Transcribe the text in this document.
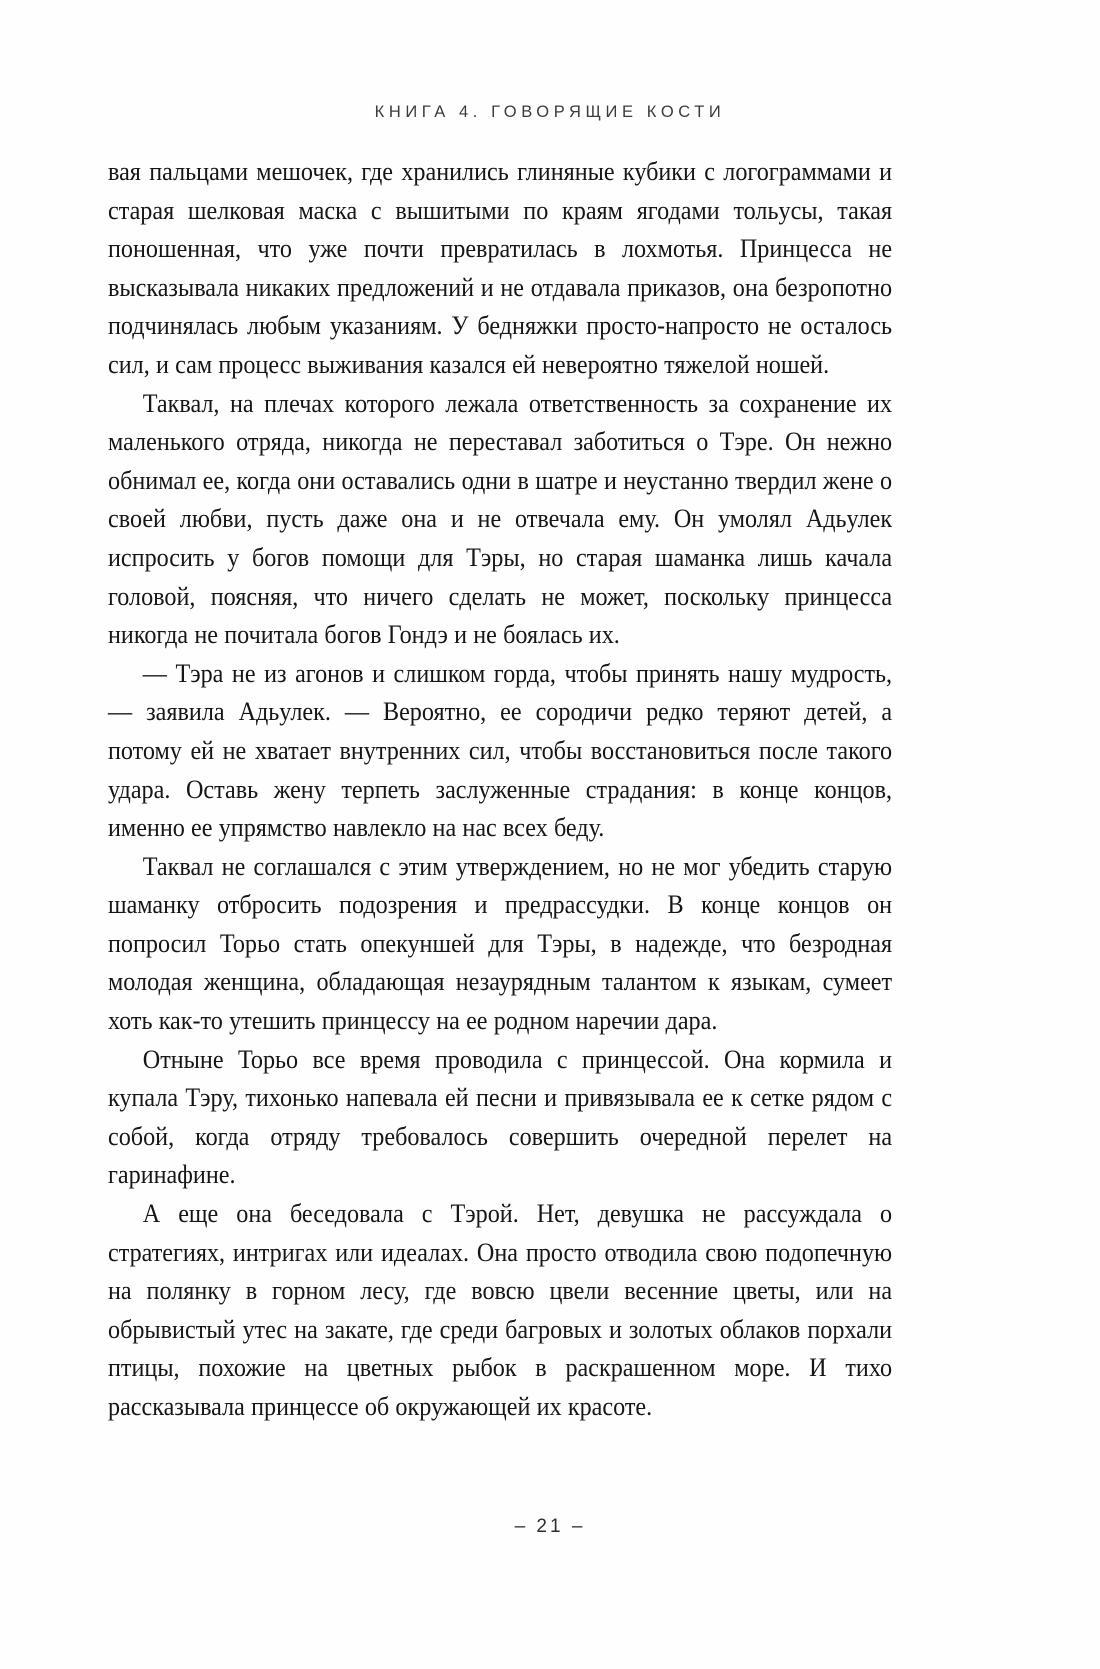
КНИГА 4. ГОВОРЯЩИЕ КОСТИ

вая пальцами мешочек, где хранились глиняные кубики с логограммами и старая шелковая маска с вышитыми по краям ягодами тольусы, такая поношенная, что уже почти превратилась в лохмотья. Принцесса не высказывала никаких предложений и не отдавала приказов, она безропотно подчинялась любым указаниям. У бедняжки просто-напросто не осталось сил, и сам процесс выживания казался ей невероятно тяжелой ношей.

Таквал, на плечах которого лежала ответственность за сохранение их маленького отряда, никогда не переставал заботиться о Тэре. Он нежно обнимал ее, когда они оставались одни в шатре и неустанно твердил жене о своей любви, пусть даже она и не отвечала ему. Он умолял Адьулек испросить у богов помощи для Тэры, но старая шаманка лишь качала головой, поясняя, что ничего сделать не может, поскольку принцесса никогда не почитала богов Гондэ и не боялась их.

— Тэра не из агонов и слишком горда, чтобы принять нашу мудрость, — заявила Адьулек. — Вероятно, ее сородичи редко теряют детей, а потому ей не хватает внутренних сил, чтобы восстановиться после такого удара. Оставь жену терпеть заслуженные страдания: в конце концов, именно ее упрямство навлекло на нас всех беду.

Таквал не соглашался с этим утверждением, но не мог убедить старую шаманку отбросить подозрения и предрассудки. В конце концов он попросил Торьо стать опекуншей для Тэры, в надежде, что безродная молодая женщина, обладающая незаурядным талантом к языкам, сумеет хоть как-то утешить принцессу на ее родном наречии дара.

Отныне Торьо все время проводила с принцессой. Она кормила и купала Тэру, тихонько напевала ей песни и привязывала ее к сетке рядом с собой, когда отряду требовалось совершить очередной перелет на гаринафине.

А еще она беседовала с Тэрой. Нет, девушка не рассуждала о стратегиях, интригах или идеалах. Она просто отводила свою подопечную на полянку в горном лесу, где вовсю цвели весенние цветы, или на обрывистый утес на закате, где среди багровых и золотых облаков порхали птицы, похожие на цветных рыбок в раскрашенном море. И тихо рассказывала принцессе об окружающей их красоте.

– 21 –
